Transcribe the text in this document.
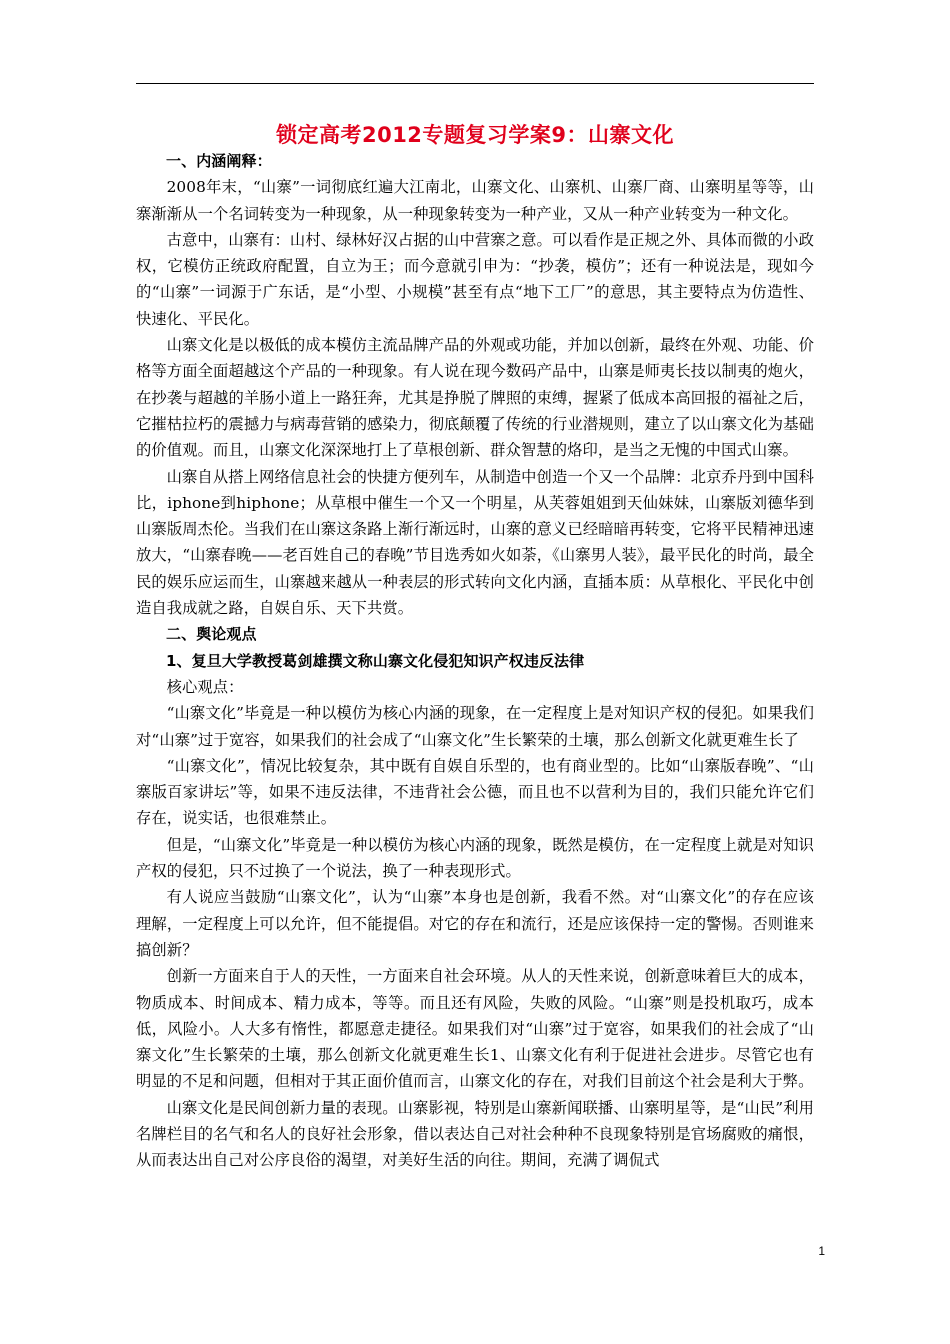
锁定高考2012专题复习学案9：山寨文化

一、内涵阐释：

2008年末，“山寨”一词彻底红遍大江南北，山寨文化、山寨机、山寨厂商、山寨明星等等，山寨渐渐从一个名词转变为一种现象，从一种现象转变为一种产业，又从一种产业转变为一种文化。

古意中，山寨有：山村、绿林好汉占据的山中营寨之意。可以看作是正规之外、具体而微的小政权，它模仿正统政府配置，自立为王；而今意就引申为：“抄袭，模仿”；还有一种说法是，现如今的“山寨”一词源于广东话，是“小型、小规模”甚至有点“地下工厂”的意思，其主要特点为仿造性、快速化、平民化。

山寨文化是以极低的成本模仿主流品牌产品的外观或功能，并加以创新，最终在外观、功能、价格等方面全面超越这个产品的一种现象。有人说在现今数码产品中，山寨是师夷长技以制夷的炮火，在抄袭与超越的羊肠小道上一路狂奔，尤其是挣脱了牌照的束缚，握紧了低成本高回报的福祉之后，它摧枯拉朽的震撼力与病毒营销的感染力，彻底颠覆了传统的行业潜规则，建立了以山寨文化为基础的价值观。而且，山寨文化深深地打上了草根创新、群众智慧的烙印，是当之无愧的中国式山寨。

山寨自从搭上网络信息社会的快捷方便列车，从制造中创造一个又一个品牌：北京乔丹到中国科比，iphone到hiphone；从草根中催生一个又一个明星，从芙蓉姐姐到天仙妹妹，山寨版刘德华到山寨版周杰伦。当我们在山寨这条路上渐行渐远时，山寨的意义已经暗暗再转变，它将平民精神迅速放大，“山寨春晚——老百姓自己的春晚”节目选秀如火如荼，《山寨男人装》，最平民化的时尚，最全民的娱乐应运而生，山寨越来越从一种表层的形式转向文化内涵，直插本质：从草根化、平民化中创造自我成就之路，自娱自乐、天下共赏。

二、舆论观点

1、复旦大学教授葛剑雄撰文称山寨文化侵犯知识产权违反法律

核心观点：

“山寨文化”毕竟是一种以模仿为核心内涵的现象，在一定程度上是对知识产权的侵犯。如果我们对“山寨”过于宽容，如果我们的社会成了“山寨文化”生长繁荣的土壤，那么创新文化就更难生长了

“山寨文化”，情况比较复杂，其中既有自娱自乐型的，也有商业型的。比如“山寨版春晚”、“山寨版百家讲坛”等，如果不违反法律，不违背社会公德，而且也不以营利为目的，我们只能允许它们存在，说实话，也很难禁止。

但是，“山寨文化”毕竟是一种以模仿为核心内涵的现象，既然是模仿，在一定程度上就是对知识产权的侵犯，只不过换了一个说法，换了一种表现形式。

有人说应当鼓励“山寨文化”，认为“山寨”本身也是创新，我看不然。对“山寨文化”的存在应该理解，一定程度上可以允许，但不能提倡。对它的存在和流行，还是应该保持一定的警惕。否则谁来搞创新？

创新一方面来自于人的天性，一方面来自社会环境。从人的天性来说，创新意味着巨大的成本，物质成本、时间成本、精力成本，等等。而且还有风险，失败的风险。“山寨”则是投机取巧，成本低，风险小。人大多有惰性，都愿意走捷径。如果我们对“山寨”过于宽容，如果我们的社会成了“山寨文化”生长繁荣的土壤，那么创新文化就更难生长1、山寨文化有利于促进社会进步。尽管它也有明显的不足和问题，但相对于其正面价值而言，山寨文化的存在，对我们目前这个社会是利大于弊。

山寨文化是民间创新力量的表现。山寨影视，特别是山寨新闻联播、山寨明星等，是“山民”利用名牌栏目的名气和名人的良好社会形象，借以表达自己对社会种种不良现象特别是官场腐败的痛恨，从而表达出自己对公序良俗的渴望，对美好生活的向往。期间，充满了调侃式

1
